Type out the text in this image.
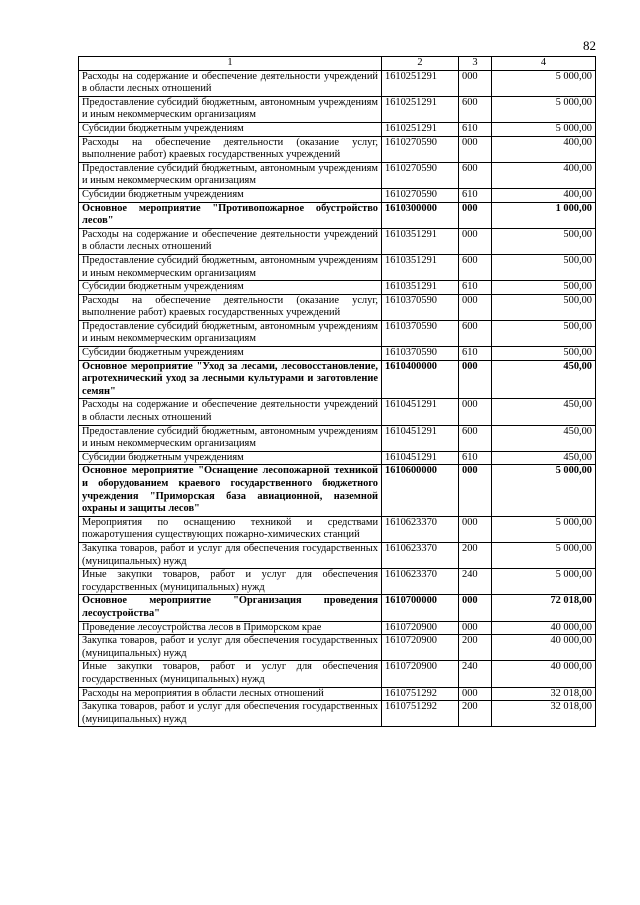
82
1	2	3	4
Расходы на содержание и обеспечение деятельности учреждений в области лесных отношений	1610251291	000	5 000,00
Предоставление субсидий бюджетным, автономным учреждениям и иным некоммерческим организациям	1610251291	600	5 000,00
Субсидии бюджетным учреждениям	1610251291	610	5 000,00
Расходы на обеспечение деятельности (оказание услуг, выполнение работ) краевых государственных учреждений	1610270590	000	400,00
Предоставление субсидий бюджетным, автономным учреждениям и иным некоммерческим организациям	1610270590	600	400,00
Субсидии бюджетным учреждениям	1610270590	610	400,00
Основное мероприятие "Противопожарное обустройство лесов"	1610300000	000	1 000,00
Расходы на содержание и обеспечение деятельности учреждений в области лесных отношений	1610351291	000	500,00
Предоставление субсидий бюджетным, автономным учреждениям и иным некоммерческим организациям	1610351291	600	500,00
Субсидии бюджетным учреждениям	1610351291	610	500,00
Расходы на обеспечение деятельности (оказание услуг, выполнение работ) краевых государственных учреждений	1610370590	000	500,00
Предоставление субсидий бюджетным, автономным учреждениям и иным некоммерческим организациям	1610370590	600	500,00
Субсидии бюджетным учреждениям	1610370590	610	500,00
Основное мероприятие "Уход за лесами, лесовосстановление, агротехнический уход за лесными культурами и заготовление семян"	1610400000	000	450,00
Расходы на содержание и обеспечение деятельности учреждений в области лесных отношений	1610451291	000	450,00
Предоставление субсидий бюджетным, автономным учреждениям и иным некоммерческим организациям	1610451291	600	450,00
Субсидии бюджетным учреждениям	1610451291	610	450,00
Основное мероприятие "Оснащение лесопожарной техникой и оборудованием краевого государственного бюджетного учреждения "Приморская база авиационной, наземной охраны и защиты лесов"	1610600000	000	5 000,00
Мероприятия по оснащению техникой и средствами пожаротушения существующих пожарно-химических станций	1610623370	000	5 000,00
Закупка товаров, работ и услуг для обеспечения государственных (муниципальных) нужд	1610623370	200	5 000,00
Иные закупки товаров, работ и услуг для обеспечения государственных (муниципальных) нужд	1610623370	240	5 000,00
Основное мероприятие "Организация проведения лесоустройства"	1610700000	000	72 018,00
Проведение лесоустройства лесов в Приморском крае	1610720900	000	40 000,00
Закупка товаров, работ и услуг для обеспечения государственных (муниципальных) нужд	1610720900	200	40 000,00
Иные закупки товаров, работ и услуг для обеспечения государственных (муниципальных) нужд	1610720900	240	40 000,00
Расходы на мероприятия в области лесных отношений	1610751292	000	32 018,00
Закупка товаров, работ и услуг для обеспечения государственных (муниципальных) нужд	1610751292	200	32 018,00
